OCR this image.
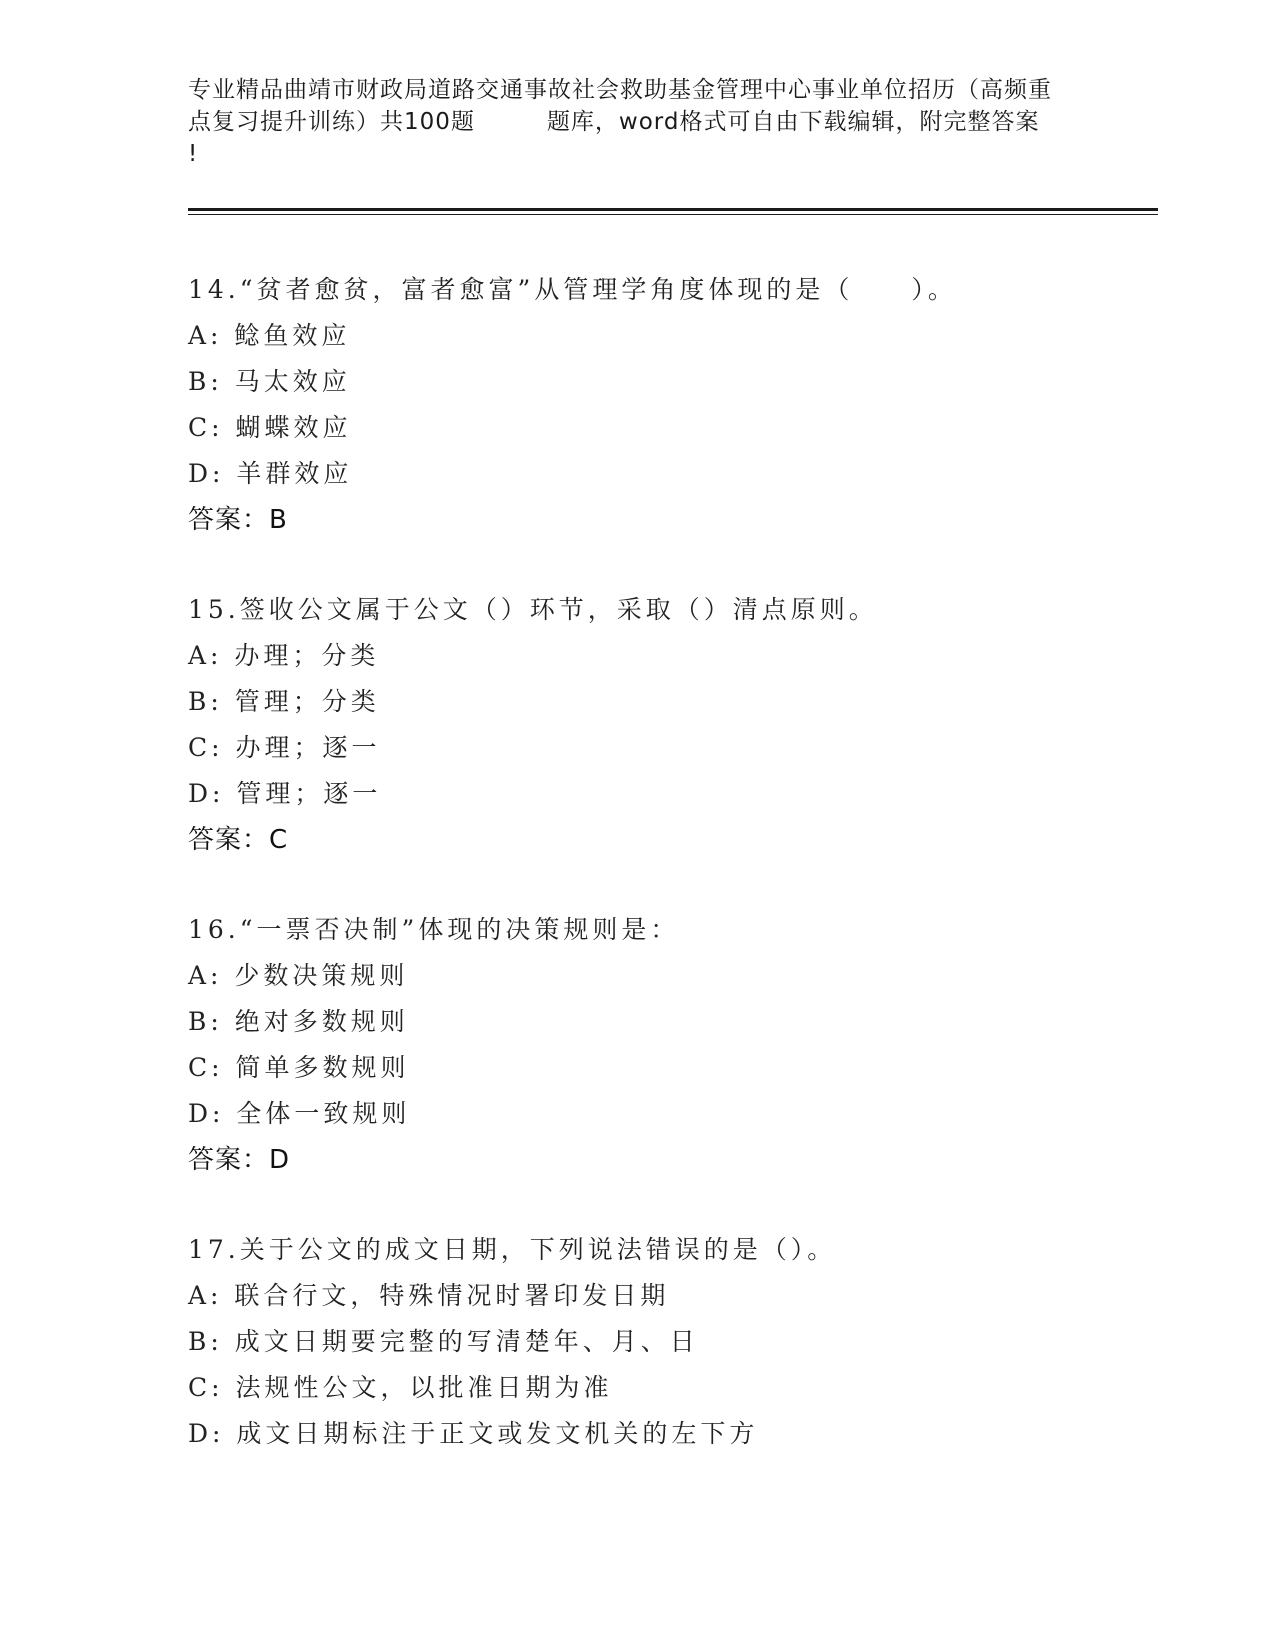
专业精品曲靖市财政局道路交通事故社会救助基金管理中心事业单位招历（高频重
点复习提升训练）共100题	题库，word格式可自由下载编辑，附完整答案
!
14.“贫者愈贫，富者愈富”从管理学角度体现的是（　　）。
A: 鲶鱼效应
B: 马太效应
C: 蝴蝶效应
D: 羊群效应
答案：B
15.签收公文属于公文（）环节，采取（）清点原则。
A: 办理；分类
B: 管理；分类
C: 办理；逐一
D: 管理；逐一
答案：C
16.“一票否决制”体现的决策规则是：
A: 少数决策规则
B: 绝对多数规则
C: 简单多数规则
D: 全体一致规则
答案：D
17.关于公文的成文日期，下列说法错误的是（）。
A: 联合行文，特殊情况时署印发日期
B: 成文日期要完整的写清楚年、月、日
C: 法规性公文，以批准日期为准
D: 成文日期标注于正文或发文机关的左下方
